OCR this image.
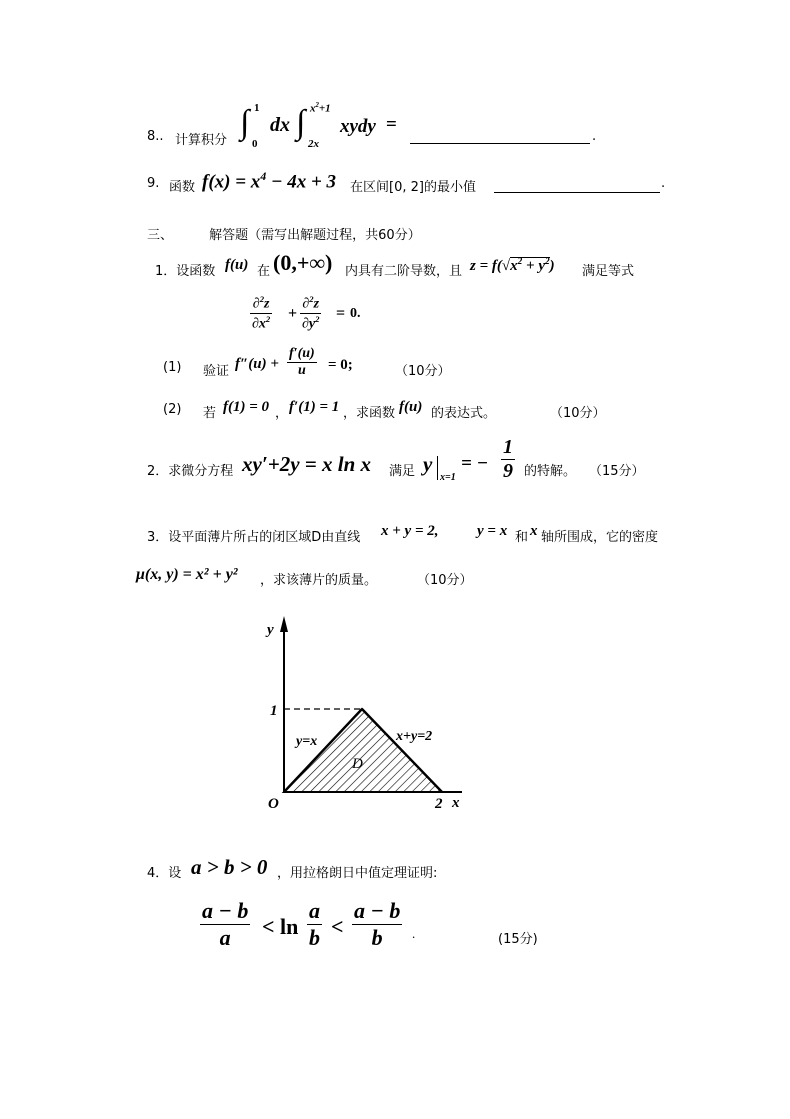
8.. 计算积分 ∫ 1
0
dx ∫ $x^2+1$
2x
xydy =
.
9. 函数 $f(x) = x^4 - 4x + 3$ 在区间[0, 2]的最小值	.
三、	解答题（需写出解题过程，共60分）
1．设函数 f(u) 在 (0,+∞) 内具有二阶导数，且 $z = f(√x^2 + y^2)$ 满足等式
$\frac{\partial^2z}{\partial x^2} + \frac{\partial^2z}{\partial y^2} = 0$.
(1) 验证 $f''(u) + \frac{f'(u)}{u} = 0$;	（10分）
(2) 若 f(1) = 0 ， f′(1) = 1 ，求函数 f(u) 的表达式。	（10分）
2．求微分方程 xy′+2y = x ln x 满足 y
x=1
= − $\frac{1}{9}$ 的特解。 （15分）
3．设平面薄片所占的闭区域D由直线 x + y = 2,	y = x 和 x 轴所围成，它的密度
μ(x, y) = x² + y² ，求该薄片的质量。	（10分）
y
x
O
1
2
y=x	x+y=2
D
4．设 a > b > 0 ，用拉格朗日中值定理证明:
$\frac{a - b}{a} < \ln \frac{a}{b} < \frac{a - b}{b}$ .	(15分)
